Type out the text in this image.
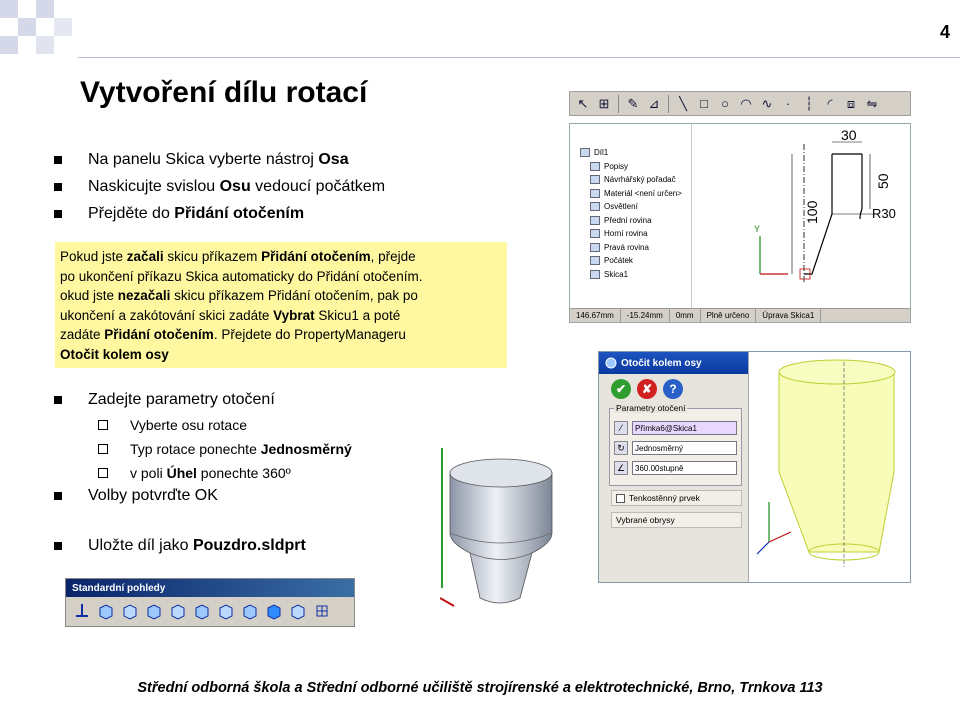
4
Vytvoření dílu rotací
Na panelu Skica vyberte nástroj Osa
Naskicujte svislou Osu vedoucí počátkem
Přejděte do Přidání otočením

Pokud jste začali skicu příkazem Přidání otočením, přejde

po ukončení příkazu Skica automaticky do Přidání otočením.

okud jste nezačali skicu příkazem Přidání otočením, pak po

ukončení a zakótování skici zadáte Vybrat Skicu1 a poté

zadáte Přidání otočením. Přejdete do PropertyManageru

Otočit kolem osy

Zadejte parametry otočení
Vyberte osu rotace
Typ rotace ponechte Jednosměrný
v poli Úhel ponechte 360º
Volby potvrďte OK
Uložte díl jako Pouzdro.sldprt
↖ ⊞ ✎ ⊿	╲	□	○ ◠ ∿	·	┆	◜	⧈ ⇋
Díl1
Popisy
Návrhářský pořadač
Materiál <není určen>
Osvětlení
Přední rovina
Horní rovina
Pravá rovina
Počátek
Skica1
30
50
100	R30
Y
146.67mm	-15.24mm	0mm	Plně určeno	Úprava Skica1
Otočit kolem osy
✔	✘	?
Parametry otočení
⁄	Přímka6@Skica1
↻	Jednosměrný
∠	360.00stupně
Tenkostěnný prvek
Vybrané obrysy
Standardní pohledy
Střední odborná škola a Střední odborné učiliště strojírenské a elektrotechnické, Brno, Trnkova 113
